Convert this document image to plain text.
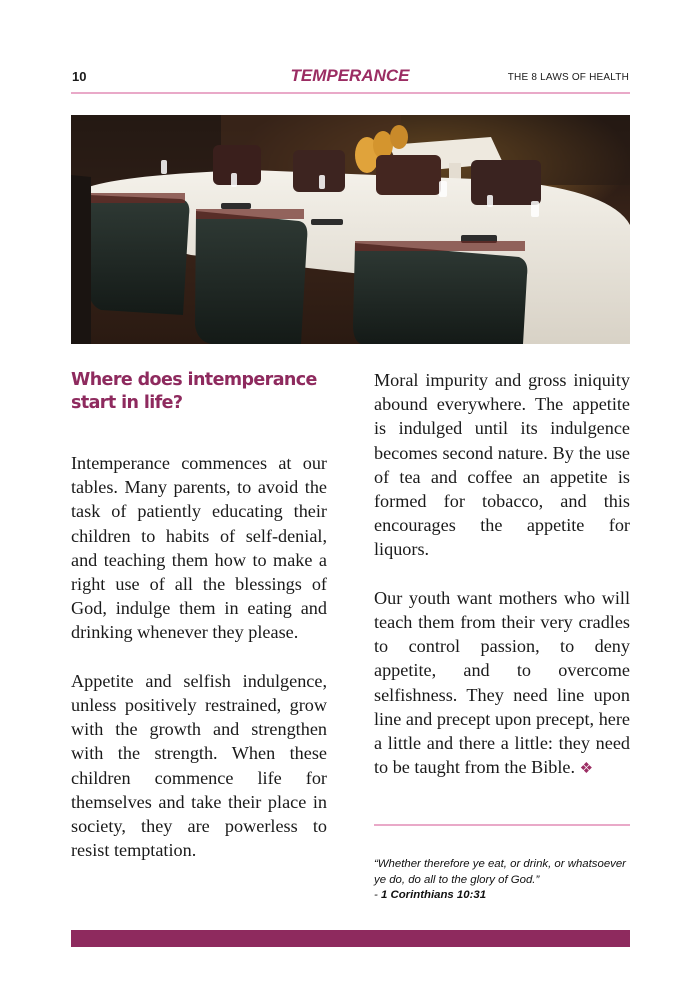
10	TEMPERANCE	THE 8 LAWS OF HEALTH
Where does intemperance start in life?

Intemperance commences at our tables. Many parents, to avoid the task of patiently educating their children to habits of self-denial, and teaching them how to make a right use of all the blessings of God, indulge them in eating and drinking whenever they please.

Appetite and selfish indulgence, unless positively restrained, grow with the growth and strengthen with the strength. When these children commence life for themselves and take their place in society, they are powerless to resist temptation.

Moral impurity and gross iniquity abound everywhere. The appetite is indulged until its indulgence becomes second nature. By the use of tea and coffee an appetite is formed for tobacco, and this encourages the appetite for liquors.

Our youth want mothers who will teach them from their very cradles to control passion, to deny appetite, and to overcome selfishness. They need line upon line and precept upon precept, here a little and there a little: they need to be taught from the Bible. ❖

“Whether therefore ye eat, or drink, or whatsoever ye do, do all to the glory of God.”
- 1 Corinthians 10:31
